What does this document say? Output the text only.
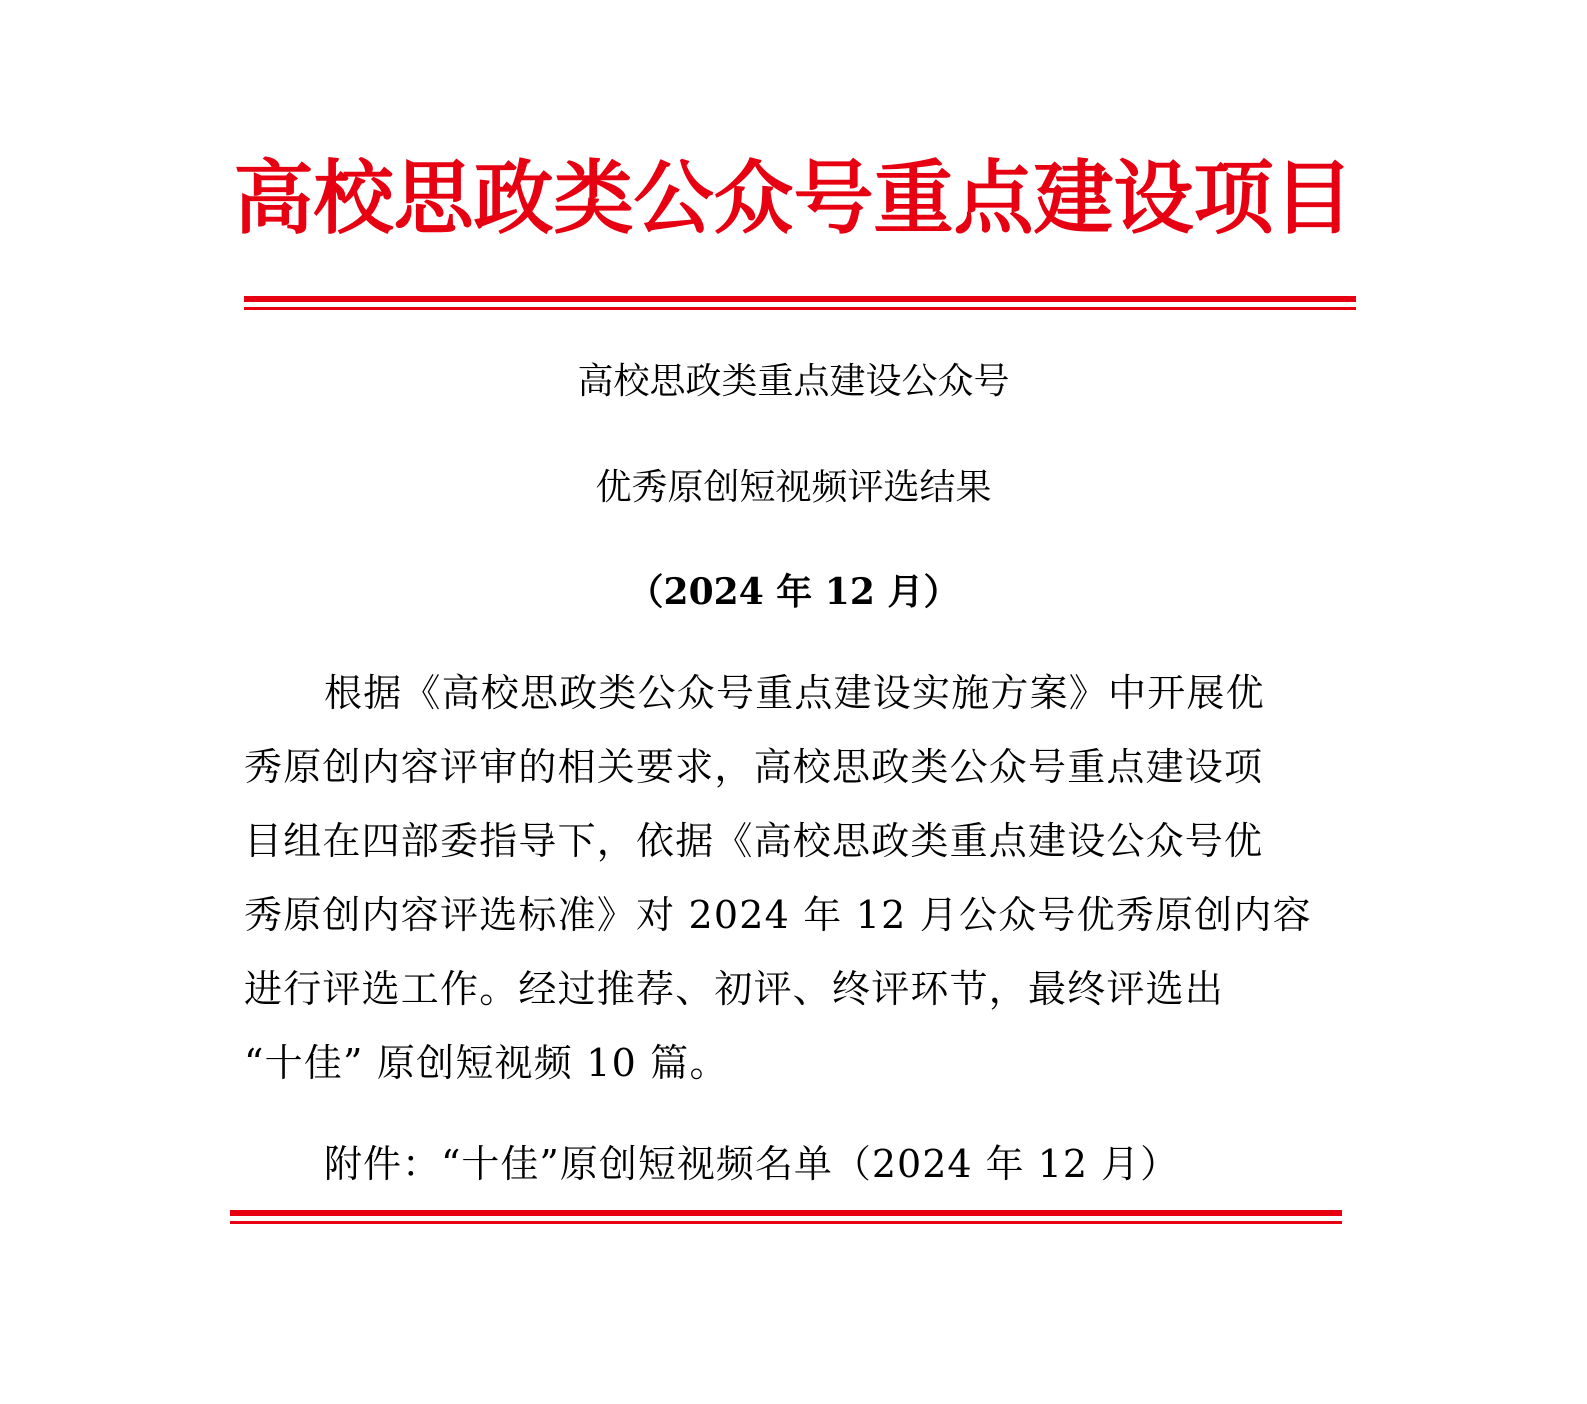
高校思政类公众号重点建设项目
高校思政类重点建设公众号
优秀原创短视频评选结果
（2024 年 12 月）
根据《高校思政类公众号重点建设实施方案》中开展优
秀原创内容评审的相关要求，高校思政类公众号重点建设项
目组在四部委指导下，依据《高校思政类重点建设公众号优
秀原创内容评选标准》对 2024 年 12 月公众号优秀原创内容
进行评选工作。经过推荐、初评、终评环节，最终评选出
“十佳” 原创短视频 10 篇。
附件：“十佳”原创短视频名单（2024 年 12 月）
